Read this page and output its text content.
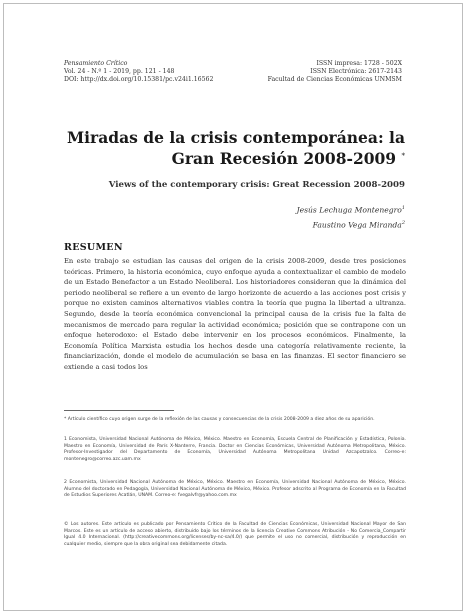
Pensamiento Crítico
Vol. 24 - N.º 1 - 2019, pp. 121 - 148
DOI: http://dx.doi.org/10.15381/pc.v24i1.16562
ISSN impresa: 1728 - 502X
ISSN Electrónica: 2617-2143
Facultad de Ciencias Económicas UNMSM
Miradas de la crisis contemporánea: la
Gran Recesión 2008-2009 *
Views of the contemporary crisis: Great Recession 2008-2009
Jesús Lechuga Montenegro$^1$
Faustino Vega Miranda$^2$
RESUMEN
En este trabajo se estudian las causas del origen de la crisis 2008-2009, desde tres posiciones teóricas. Primero, la historia económica, cuyo enfoque ayuda a contextualizar el cambio de modelo de un Estado Benefactor a un Estado Neoliberal. Los historiadores consideran que la dinámica del periodo neoliberal se refiere a un evento de largo horizonte de acuerdo a las acciones post crisis y porque no existen caminos alternativos viables contra la teoría que pugna la libertad a ultranza. Segundo, desde la teoría económica convencional la principal causa de la crisis fue la falta de mecanismos de mercado para regular la actividad económica; posición que se contrapone con un enfoque heterodoxo: el Estado debe intervenir en los procesos económicos. Finalmente, la Economía Política Marxista estudia los hechos desde una categoría relativamente reciente, la financiarización, donde el modelo de acumulación se basa en las finanzas. El sector financiero se extiende a casi todos los
* Artículo científico cuyo origen surge de la reflexión de las causas y consecuencias de la crisis 2008-2009 a diez años de su aparición.
1 Economista, Universidad Nacional Autónoma de México, México. Maestro en Economía, Escuela Central de Planificación y Estadística, Polonia. Maestro en Economía, Universidad de París X-Nanterre, Francia. Doctor en Ciencias Económicas, Universidad Autónoma Metropolitana, México. Profesor-Investigador del Departamento de Economía, Universidad Autónoma Metropolitana Unidad Azcapotzalco. Correo-e: montenegro@correo.azc.uam.mx
2 Economista, Universidad Nacional Autónoma de México, México. Maestro en Economía, Universidad Nacional Autónoma de México, México. Alumno del doctorado en Pedagogía, Universidad Nacional Autónoma de México, México. Profesor adscrito al Programa de Economía en la Facultad de Estudios Superiores Acatlán, UNAM. Correo-e: fvegalvfr@yahoo.com.mx
© Los autores. Este artículo es publicado por Pensamiento Crítico de la Facultad de Ciencias Económicas, Universidad Nacional Mayor de San Marcos. Este es un artículo de acceso abierto, distribuido bajo los términos de la licencia Creative Commons Atribución - No Comercia_Compartir Igual 4.0 Internacional. (http://creativecommons.org/licenses/by-nc-sa/4.0/) que permite el uso no comercial, distribución y reproducción en cualquier medio, siempre que la obra original sea debidamente citada.
